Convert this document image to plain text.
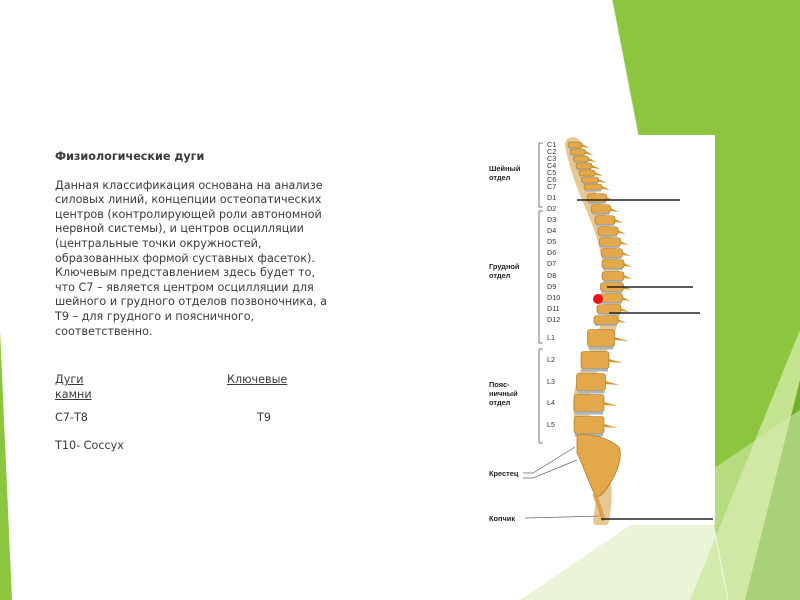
Физиологические дуги

Данная классификация основана на анализе силовых линий, концепции остеопатических центров (контролирующей роли автономной нервной системы), и центров осцилляции (центральные точки окружностей, образованных формой суставных фасеток). Ключевым представлением здесь будет то, что С7 – является центром осцилляции для шейного и грудного отделов позвоночника, а Т9 – для грудного и поясничного, соответственно.

Дуги
камни
Ключевые
С7-Т8	Т9
Т10- Coccyx
C1
C2
C3
C4
C5
C6
C7
D1
D2
D3
D4
D5
D6
D7
D8
D9
D10
D11
D12
L1
L2
L3
L4
L5
Шейный
отдел
Грудной
отдел
Пояс-
ничный
отдел
Крестец
Копчик
